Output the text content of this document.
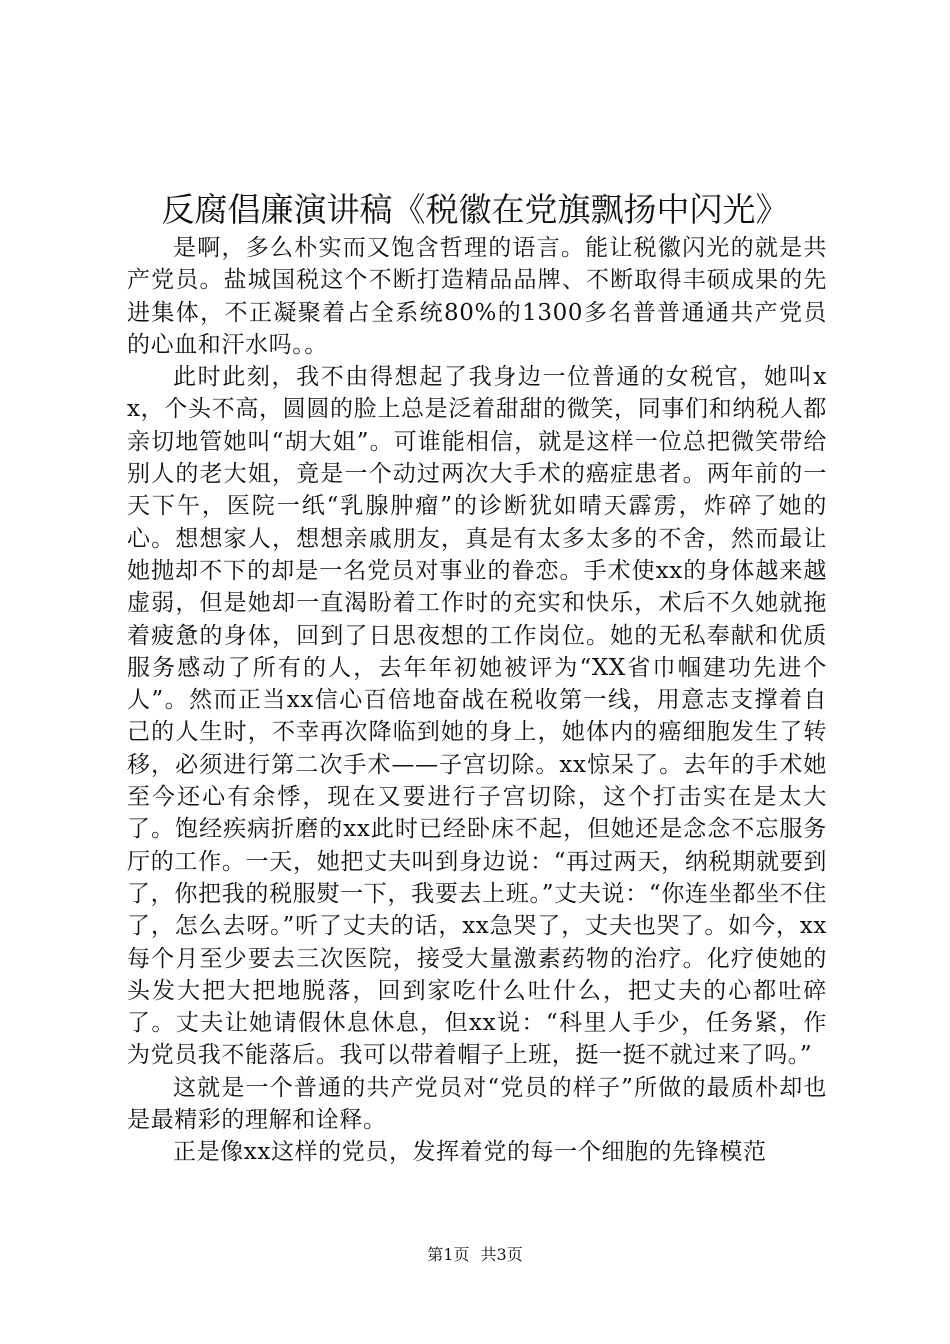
反腐倡廉演讲稿《税徽在党旗飘扬中闪光》

是啊，多么朴实而又饱含哲理的语言。能让税徽闪光的就是共产党员。盐城国税这个不断打造精品品牌、不断取得丰硕成果的先进集体，不正凝聚着占全系统80%的1300多名普普通通共产党员的心血和汗水吗。。

此时此刻，我不由得想起了我身边一位普通的女税官，她叫xx，个头不高，圆圆的脸上总是泛着甜甜的微笑，同事们和纳税人都亲切地管她叫“胡大姐”。可谁能相信，就是这样一位总把微笑带给别人的老大姐，竟是一个动过两次大手术的癌症患者。两年前的一天下午，医院一纸“乳腺肿瘤”的诊断犹如晴天霹雳，炸碎了她的心。想想家人，想想亲戚朋友，真是有太多太多的不舍，然而最让她抛却不下的却是一名党员对事业的眷恋。手术使xx的身体越来越虚弱，但是她却一直渴盼着工作时的充实和快乐，术后不久她就拖着疲惫的身体，回到了日思夜想的工作岗位。她的无私奉献和优质服务感动了所有的人，去年年初她被评为“XX省巾帼建功先进个人”。然而正当xx信心百倍地奋战在税收第一线，用意志支撑着自己的人生时，不幸再次降临到她的身上，她体内的癌细胞发生了转移，必须进行第二次手术——子宫切除。xx惊呆了。去年的手术她至今还心有余悸，现在又要进行子宫切除，这个打击实在是太大了。饱经疾病折磨的xx此时已经卧床不起，但她还是念念不忘服务厅的工作。一天，她把丈夫叫到身边说：“再过两天，纳税期就要到了，你把我的税服熨一下，我要去上班。”丈夫说：“你连坐都坐不住了，怎么去呀。”听了丈夫的话，xx急哭了，丈夫也哭了。如今，xx每个月至少要去三次医院，接受大量激素药物的治疗。化疗使她的头发大把大把地脱落，回到家吃什么吐什么，把丈夫的心都吐碎了。丈夫让她请假休息休息，但xx说：“科里人手少，任务紧，作为党员我不能落后。我可以带着帽子上班，挺一挺不就过来了吗。”

这就是一个普通的共产党员对“党员的样子”所做的最质朴却也是最精彩的理解和诠释。

正是像xx这样的党员，发挥着党的每一个细胞的先锋模范

第1页 共3页
